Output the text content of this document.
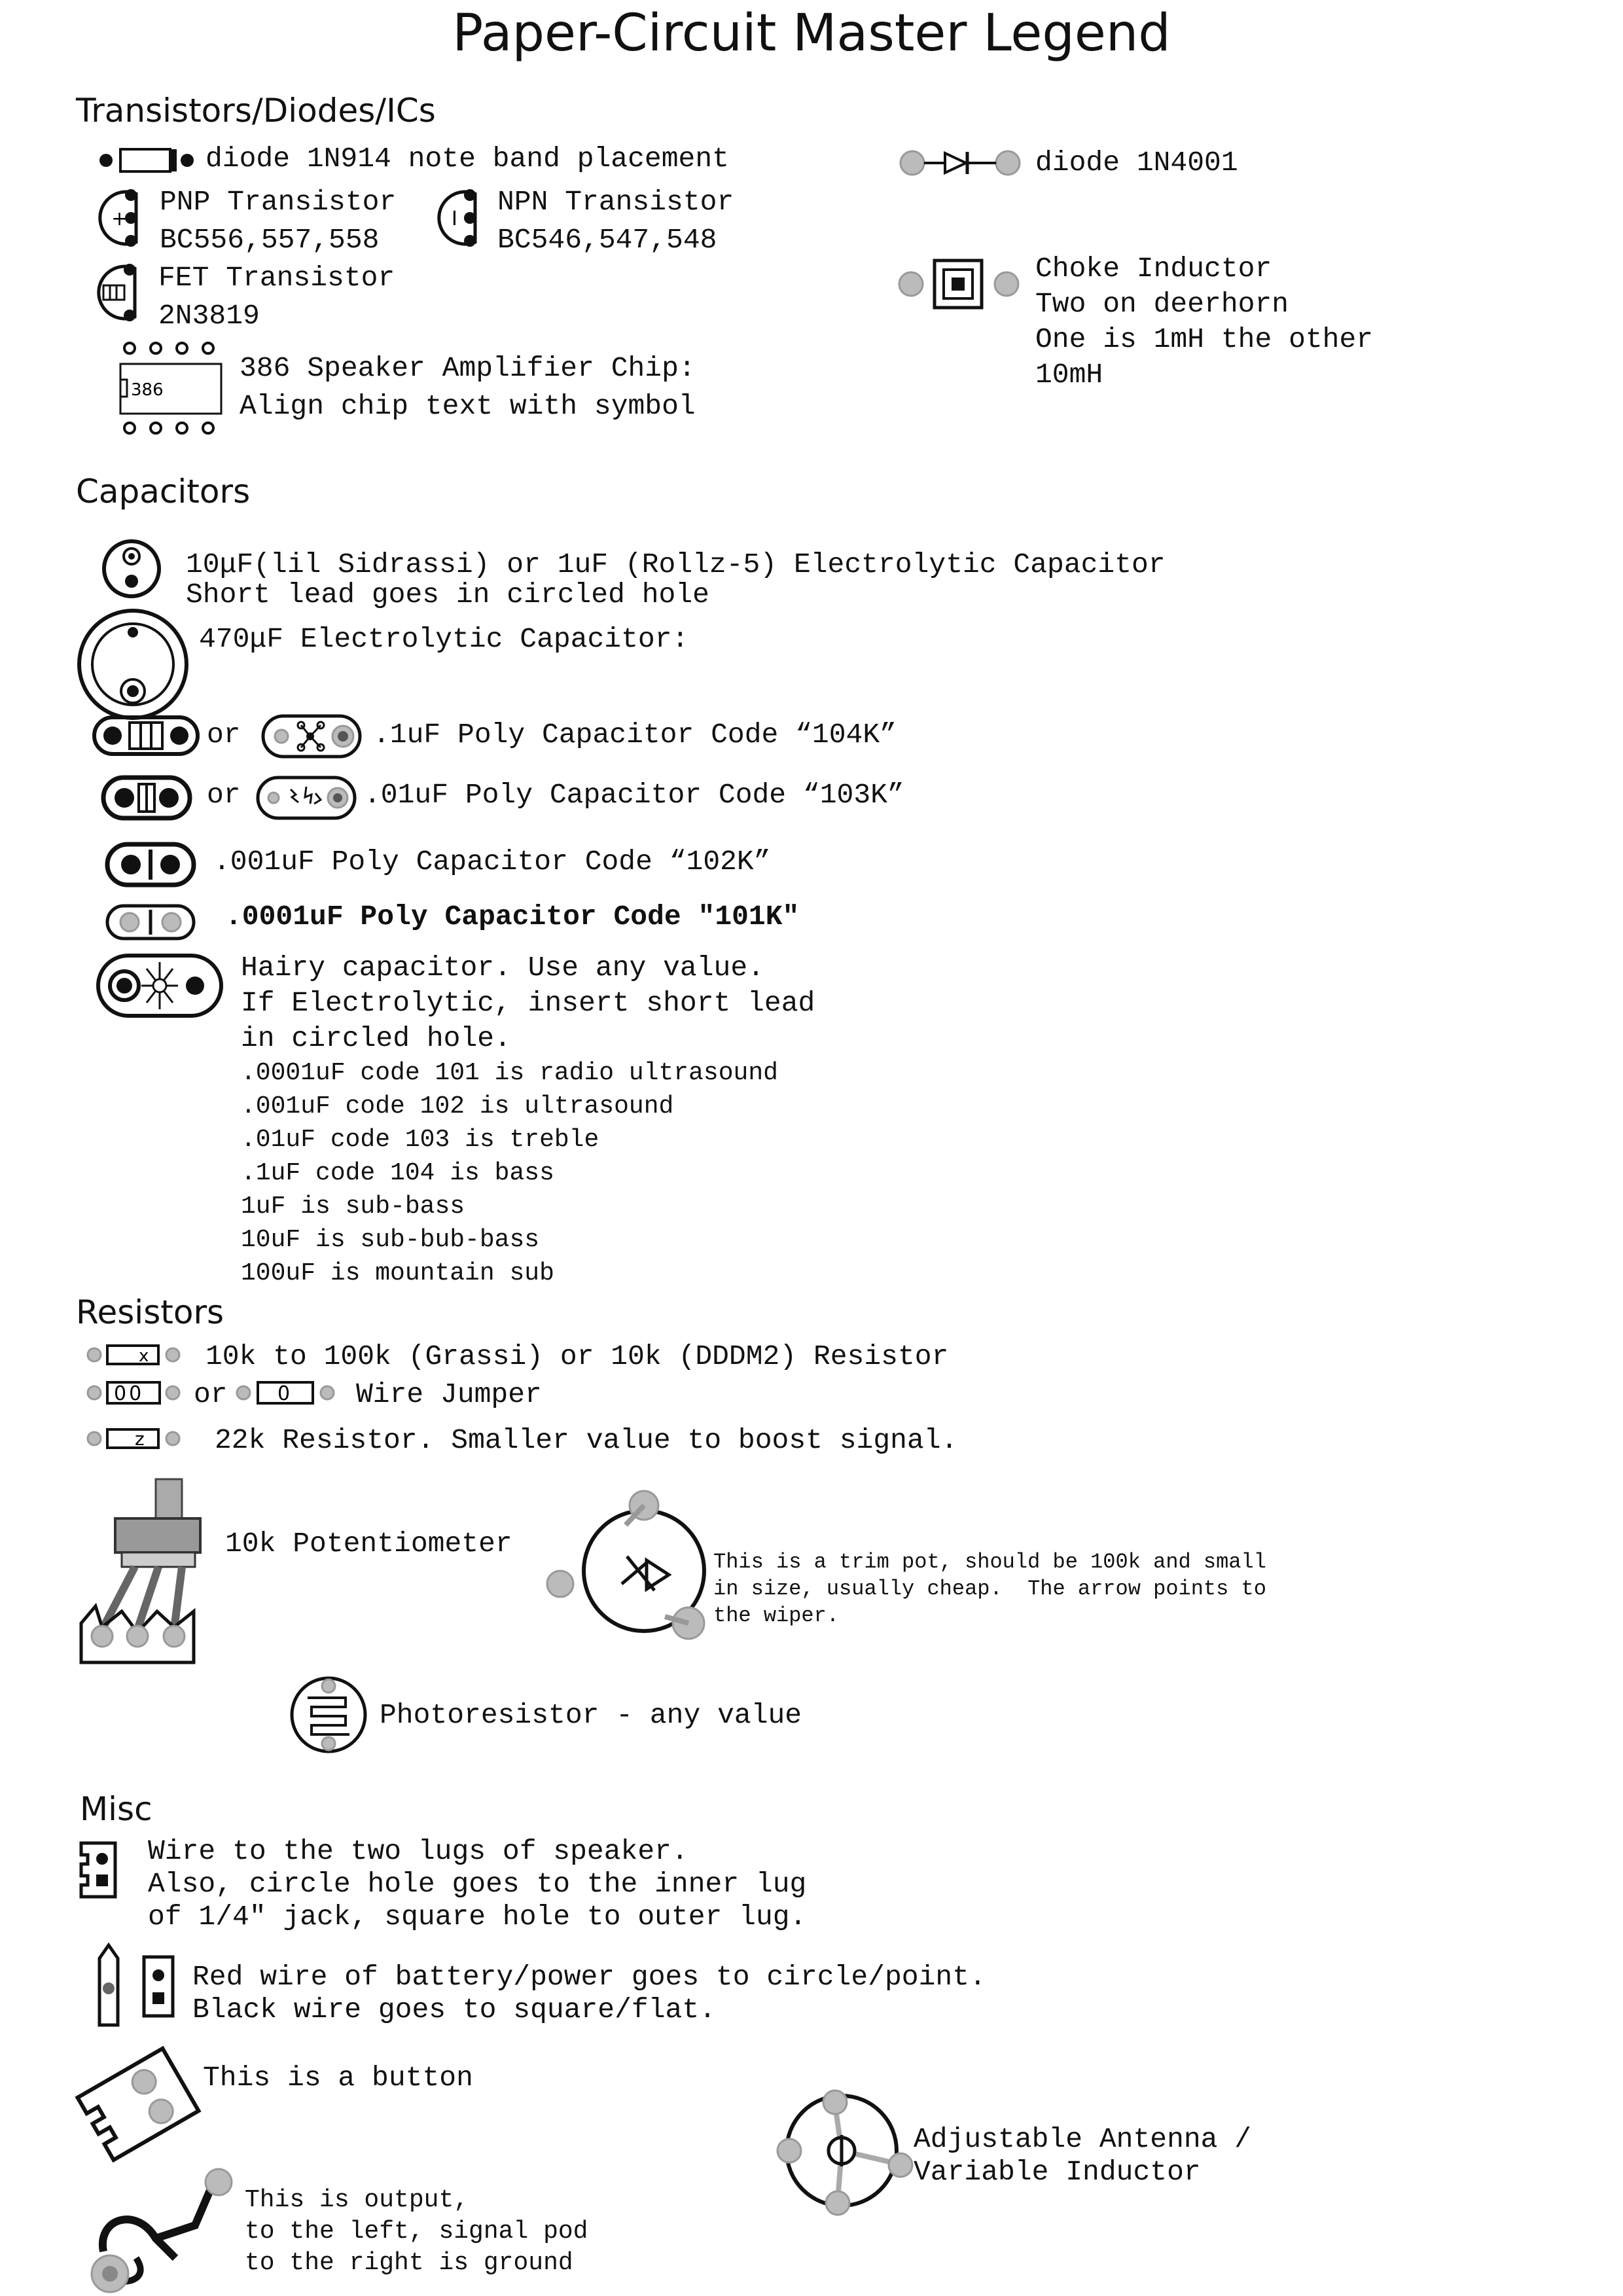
Paper-Circuit Master Legend
Transistors/Diodes/ICs
Capacitors
Resistors
Misc
diode 1N914 note band placement	diode 1N4001
+
PNP Transistor
BC556,557,558
I
NPN Transistor
BC546,547,548
FET Transistor
2N3819
Choke Inductor
Two on deerhorn
One is 1mH the other
10mH
386
386 Speaker Amplifier Chip:
Align chip text with symbol
10μF(lil Sidrassi) or 1uF (Rollz-5) Electrolytic Capacitor
Short lead goes in circled hole
470μF Electrolytic Capacitor:
or	.1uF Poly Capacitor Code “104K”
or	.01uF Poly Capacitor Code “103K”
.001uF Poly Capacitor Code “102K”
.0001uF Poly Capacitor Code "101K"
Hairy capacitor. Use any value.
If Electrolytic, insert short lead
in circled hole.
.0001uF code 101 is radio ultrasound
.001uF code 102 is ultrasound
.01uF code 103 is treble
.1uF code 104 is bass
1uF is sub-bass
10uF is sub-bub-bass
100uF is mountain sub
x 10k to 100k (Grassi) or 10k (DDDM2) Resistor
00 or	0 Wire Jumper
z 22k Resistor. Smaller value to boost signal.
10k Potentiometer
This is a trim pot, should be 100k and small
in size, usually cheap.  The arrow points to
the wiper.
Photoresistor - any value
Wire to the two lugs of speaker.
Also, circle hole goes to the inner lug
of 1/4" jack, square hole to outer lug.
Red wire of battery/power goes to circle/point.
Black wire goes to square/flat.
This is a button
Adjustable Antenna /
Variable Inductor
This is output,
to the left, signal pod
to the right is ground
